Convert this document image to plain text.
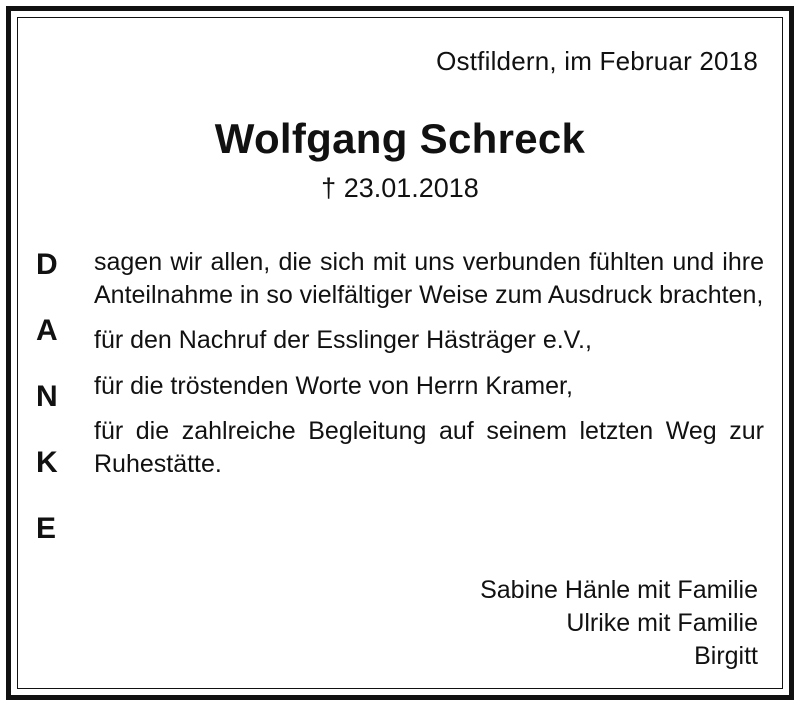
Ostfildern, im Februar 2018
Wolfgang Schreck
† 23.01.2018
D
A
N
K
E
sagen wir allen, die sich mit uns verbunden fühlten und ihre Anteilnahme in so vielfältiger Weise zum Ausdruck brachten,
für den Nachruf der Esslinger Hästräger e.V.,
für die tröstenden Worte von Herrn Kramer,
für die zahlreiche Begleitung auf seinem letzten Weg zur Ruhestätte.
Sabine Hänle mit Familie
Ulrike mit Familie
Birgitt
